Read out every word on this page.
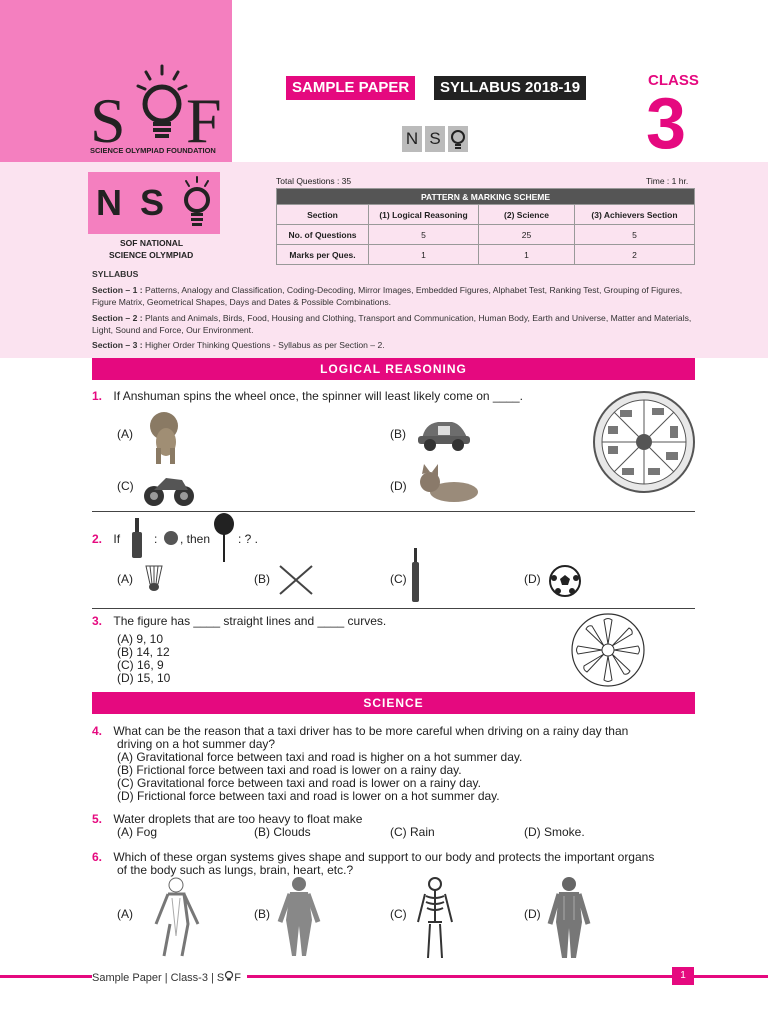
S F
SCIENCE OLYMPIAD FOUNDATION
SAMPLE PAPER	SYLLABUS 2018-19	CLASS
3
N S
N S
SOF NATIONAL
SCIENCE OLYMPIAD
Total Questions : 35	Time : 1 hr.
PATTERN & MARKING SCHEME			
Section	(1) Logical Reasoning	(2) Science	(3) Achievers Section
No. of Questions	5	25	5
Marks per Ques.	1	1	2
SYLLABUS
Section – 1 : Patterns, Analogy and Classification, Coding-Decoding, Mirror Images, Embedded Figures, Alphabet Test, Ranking Test, Grouping of Figures, Figure Matrix, Geometrical Shapes, Days and Dates & Possible Combinations.
Section – 2 : Plants and Animals, Birds, Food, Housing and Clothing, Transport and Communication, Human Body, Earth and Universe, Matter and Materials, Light, Sound and Force, Our Environment.
Section – 3 : Higher Order Thinking Questions - Syllabus as per Section – 2.
LOGICAL REASONING
1. If Anshuman spins the wheel once, the spinner will least likely come on ____.
(A)	(B)
(C)	(D)
2. If	: , then : ? .
(A)	(B)	(C)	(D)
3. The figure has ____ straight lines and ____ curves.
(A) 9, 10
(B) 14, 12
(C) 16, 9
(D) 15, 10
SCIENCE
4. What can be the reason that a taxi driver has to be more careful when driving on a rainy day than
driving on a hot summer day?
(A) Gravitational force between taxi and road is higher on a hot summer day.
(B) Frictional force between taxi and road is lower on a rainy day.
(C) Gravitational force between taxi and road is lower on a rainy day.
(D) Frictional force between taxi and road is lower on a hot summer day.
5. Water droplets that are too heavy to float make
(A) Fog	(B) Clouds	(C) Rain	(D) Smoke.
6. Which of these organ systems gives shape and support to our body and protects the important organs
of the body such as lungs, brain, heart, etc.?
(A)	(B)	(C)	(D)
Sample Paper | Class-3 | S F	1
